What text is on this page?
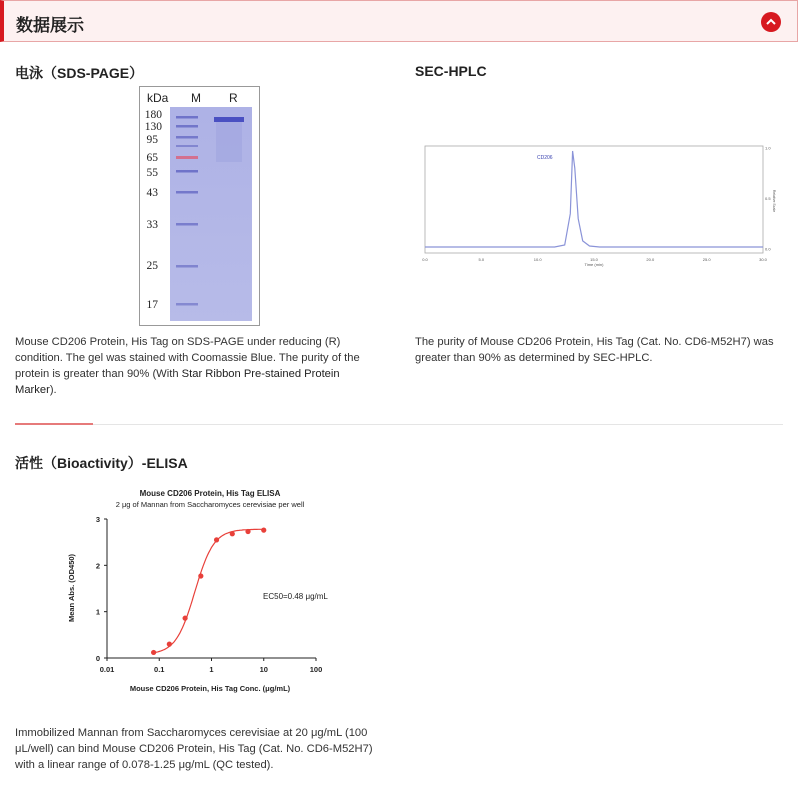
数据展示
电泳（SDS-PAGE）
kDa M R
180
130
95
65
55
43
33
25
17
Mouse CD206 Protein, His Tag on SDS-PAGE under reducing (R) condition. The gel was stained with Coomassie Blue. The purity of the protein is greater than 90% (With Star Ribbon Pre-stained Protein Marker).
SEC-HPLC
CD206
0.0	5.0	10.0	15.0	20.0	25.0	30.0
0.0
0.5
1.0
Time (min)
Relative Scale
The purity of Mouse CD206 Protein, His Tag (Cat. No. CD6-M52H7) was greater than 90% as determined by SEC-HPLC.
活性（Bioactivity）-ELISA
Mouse CD206 Protein, His Tag ELISA
2 μg of Mannan from Saccharomyces cerevisiae per well
0.01	0.1	1	10	100
0
1
2
3
EC50=0.48 μg/mL
Mouse CD206 Protein, His Tag Conc. (μg/mL)
Mean Abs. (OD450)
Immobilized Mannan from Saccharomyces cerevisiae at 20 μg/mL (100 μL/well) can bind Mouse CD206 Protein, His Tag (Cat. No. CD6-M52H7) with a linear range of 0.078-1.25 μg/mL (QC tested).
